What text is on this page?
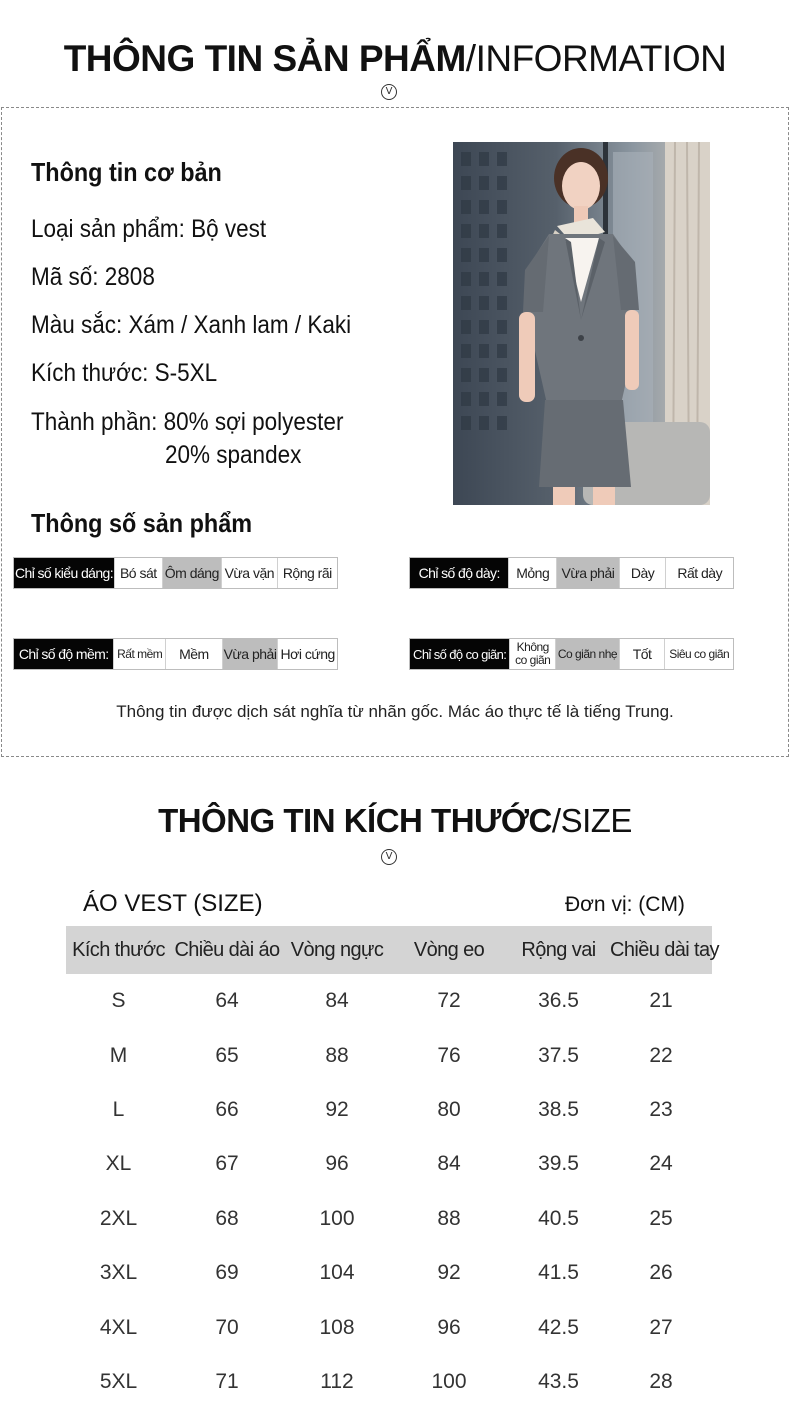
THÔNG TIN SẢN PHẨM/INFORMATION
V
Thông tin cơ bản
Loại sản phẩm: Bộ vest
Mã số: 2808
Màu sắc: Xám / Xanh lam / Kaki
Kích thước: S-5XL
Thành phần: 80% sợi polyester
20% spandex
Thông số sản phẩm
Chỉ số kiểu dáng: Bó sát Ôm dáng Vừa vặn Rộng rãi	Chỉ số độ dày:	Mỏng Vừa phải	Dày	Rất dày
Chỉ số độ mềm: Rất mềm	Mềm	Vừa phải Hơi cứng	Chỉ số độ co giãn: Không co giãn Co giãn nhẹ	Tốt	Siêu co giãn
Thông tin được dịch sát nghĩa từ nhãn gốc. Mác áo thực tế là tiếng Trung.
THÔNG TIN KÍCH THƯỚC/SIZE
V
ÁO VEST (SIZE)	Đơn vị: (CM)
Kích thước	Chiều dài áo	Vòng ngực	Vòng eo	Rộng vai	Chiều dài tay
S	64	84	72	36.5	21
M	65	88	76	37.5	22
L	66	92	80	38.5	23
XL	67	96	84	39.5	24
2XL	68	100	88	40.5	25
3XL	69	104	92	41.5	26
4XL	70	108	96	42.5	27
5XL	71	112	100	43.5	28
